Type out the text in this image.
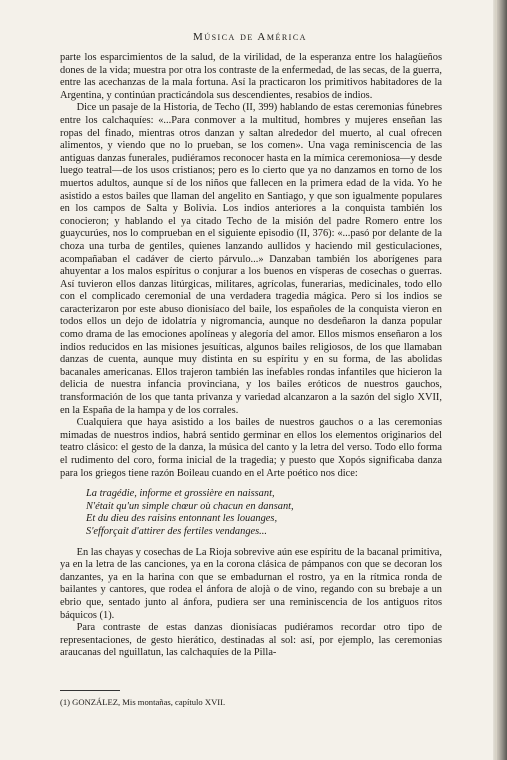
Música de América

parte los esparcimientos de la salud, de la virilidad, de la esperanza entre los halagüeños dones de la vida; muestra por otra los contraste de la enfermedad, de las secas, de la guerra, entre las acechanzas de la mala fortuna. Así la practicaron los primitivos habitadores de la Argentina, y continúan practicándola sus descendientes, resabios de indios.

Dice un pasaje de la Historia, de Techo (II, 399) hablando de estas ceremonias fúnebres entre los calchaquíes: «...Para conmover a la multitud, hombres y mujeres enseñan las ropas del finado, mientras otros danzan y saltan alrededor del muerto, al cual ofrecen alimentos, y viendo que no lo prueban, se los comen». Una vaga reminiscencia de las antiguas danzas funerales, pudiéramos reconocer hasta en la mímica ceremoniosa—y desde luego teatral—de los usos cristianos; pero es lo cierto que ya no danzamos en torno de los muertos adultos, aunque sí de los niños que fallecen en la primera edad de la vida. Yo he asistido a estos bailes que llaman del angelito en Santiago, y que son igualmente populares en los campos de Salta y Bolivia. Los indios anteriores a la conquista también los conocieron; y hablando el ya citado Techo de la misión del padre Romero entre los guaycurúes, nos lo comprueban en el siguiente episodio (II, 376): «...pasó por delante de la choza una turba de gentiles, quienes lanzando aullidos y haciendo mil gesticulaciones, acompañaban el cadáver de cierto párvulo...» Danzaban también los aborígenes para ahuyentar a los malos espíritus o conjurar a los buenos en vísperas de cosechas o guerras. Así tuvieron ellos danzas litúrgicas, militares, agrícolas, funerarias, medicinales, todo ello con el complicado ceremonial de una verdadera tragedia mágica. Pero si los indios se caracterizaron por este abuso dionisíaco del baile, los españoles de la conquista vieron en todos ellos un dejo de idolatría y nigromancia, aunque no desdeñaron la danza popular como drama de las emociones apolíneas y alegoría del amor. Ellos mismos enseñaron a los indios reducidos en las misiones jesuíticas, algunos bailes religiosos, de los que llamaban danzas de cuenta, aunque muy distinta en su espíritu y en su forma, de las abolidas bacanales americanas. Ellos trajeron también las inefables rondas infantiles que hicieron la delicia de nuestra infancia provinciana, y los bailes eróticos de nuestros gauchos, transformación de los que tanta privanza y variedad alcanzaron a la sazón del siglo XVII, en la España de la hampa y de los corrales.

Cualquiera que haya asistido a los bailes de nuestros gauchos o a las ceremonias mimadas de nuestros indios, habrá sentido germinar en ellos los elementos originarios del teatro clásico: el gesto de la danza, la música del canto y la letra del verso. Todo ello forma el rudimento del coro, forma inicial de la tragedia; y puesto que Xopós significaba danza para los griegos tiene razón Boileau cuando en el Arte poético nos dice:

La tragédie, informe et grossière en naissant,
N'était qu'un simple chœur où chacun en dansant,
Et du dieu des raisins entonnant les louanges,
S'efforçait d'attirer des fertiles vendanges...

En las chayas y cosechas de La Rioja sobrevive aún ese espíritu de la bacanal primitiva, ya en la letra de las canciones, ya en la corona clásica de pámpanos con que se decoran los danzantes, ya en la harina con que se embadurnan el rostro, ya en la rítmica ronda de bailantes y cantores, que rodea el ánfora de alojà o de vino, regando con su brebaje a un ebrio que, sentado junto al ánfora, pudiera ser una reminiscencia de los antiguos ritos báquicos (1).

Para contraste de estas danzas dionisíacas pudiéramos recordar otro tipo de representaciones, de gesto hierático, destinadas al sol: así, por ejemplo, las ceremonias araucanas del nguillatun, las calchaquíes de la Pilla-

(1) GONZÁLEZ, Mis montañas, capítulo XVII.
